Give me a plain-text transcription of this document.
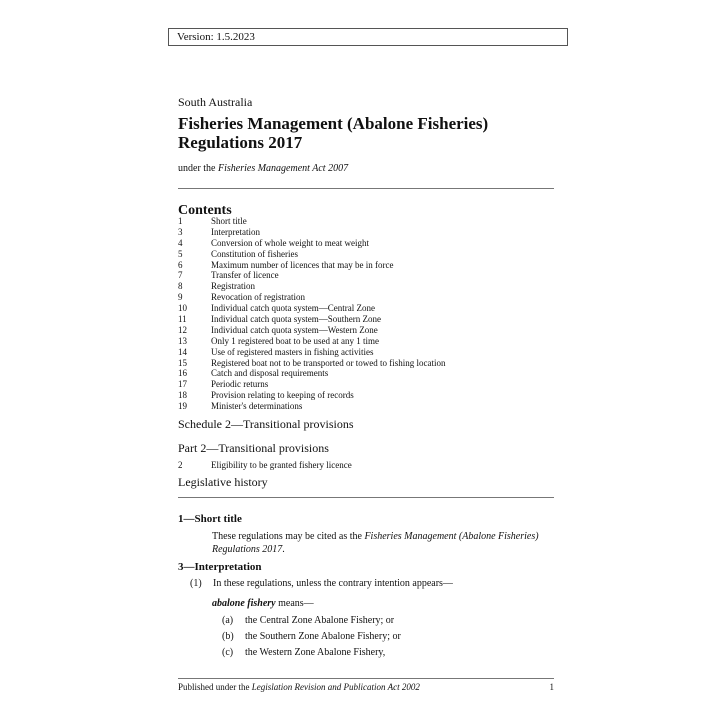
Version: 1.5.2023
South Australia
Fisheries Management (Abalone Fisheries) Regulations 2017
under the Fisheries Management Act 2007
Contents
1	Short title
3	Interpretation
4	Conversion of whole weight to meat weight
5	Constitution of fisheries
6	Maximum number of licences that may be in force
7	Transfer of licence
8	Registration
9	Revocation of registration
10	Individual catch quota system—Central Zone
11	Individual catch quota system—Southern Zone
12	Individual catch quota system—Western Zone
13	Only 1 registered boat to be used at any 1 time
14	Use of registered masters in fishing activities
15	Registered boat not to be transported or towed to fishing location
16	Catch and disposal requirements
17	Periodic returns
18	Provision relating to keeping of records
19	Minister's determinations
Schedule 2—Transitional provisions
Part 2—Transitional provisions
2	Eligibility to be granted fishery licence
Legislative history
1—Short title
These regulations may be cited as the Fisheries Management (Abalone Fisheries) Regulations 2017.
3—Interpretation
(1) In these regulations, unless the contrary intention appears—
abalone fishery means—
(a) the Central Zone Abalone Fishery; or
(b) the Southern Zone Abalone Fishery; or
(c) the Western Zone Abalone Fishery,
Published under the Legislation Revision and Publication Act 2002	1
